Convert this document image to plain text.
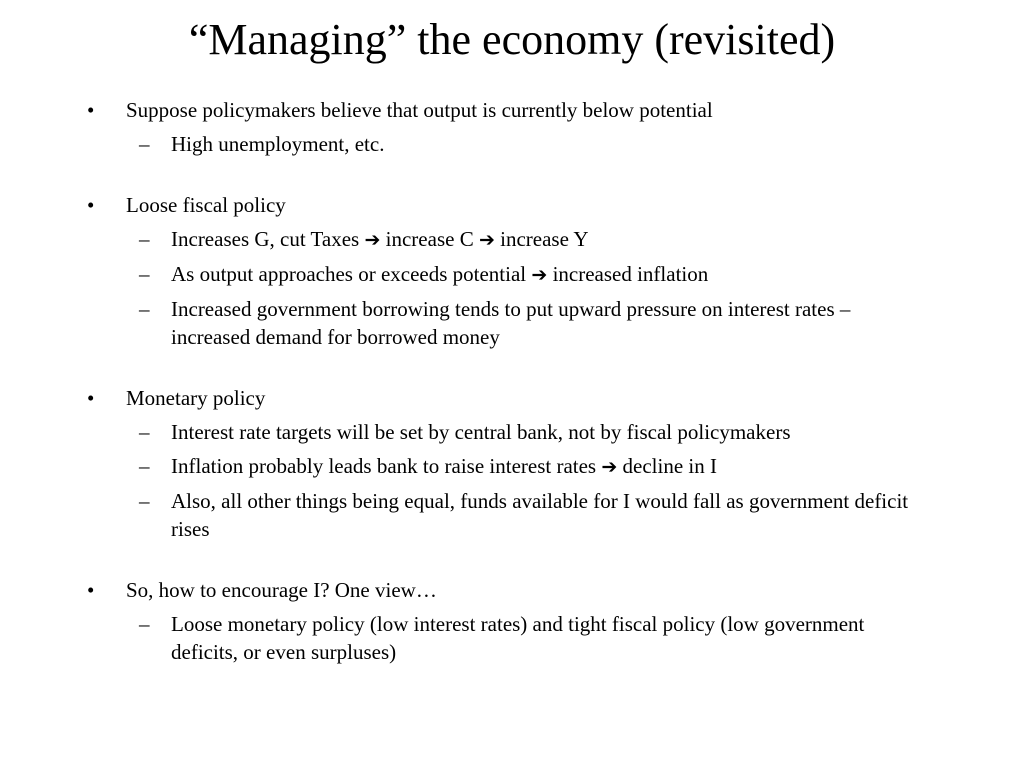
“Managing” the economy (revisited)
• Suppose policymakers believe that output is currently below potential
– High unemployment, etc.
• Loose fiscal policy
– Increases G, cut Taxes ➔ increase C ➔ increase Y
– As output approaches or exceeds potential ➔ increased inflation
– Increased government borrowing tends to put upward pressure on interest rates – increased demand for borrowed money
• Monetary policy
– Interest rate targets will be set by central bank, not by fiscal policymakers
– Inflation probably leads bank to raise interest rates ➔ decline in I
– Also, all other things being equal, funds available for I would fall as government deficit rises
• So, how to encourage I? One view…
– Loose monetary policy (low interest rates) and tight fiscal policy (low government deficits, or even surpluses)
